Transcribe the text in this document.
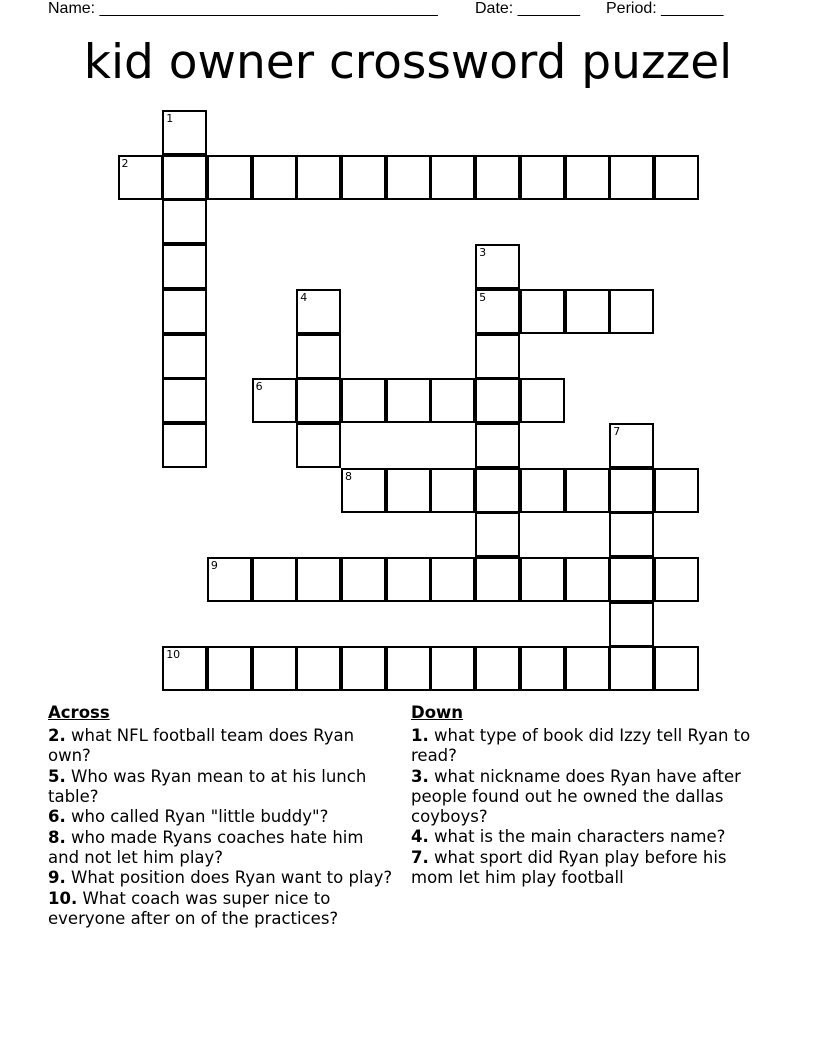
Name: ______________________________________ Date: _______ Period: _______
kid owner crossword puzzel
1
2
3
5
4
6
7
8
9
10
Across
2. what NFL football team does Ryan own?
5. Who was Ryan mean to at his lunch table?
6. who called Ryan "little buddy"?
8. who made Ryans coaches hate him and not let him play?
9. What position does Ryan want to play?
10. What coach was super nice to everyone after on of the practices?
Down
1. what type of book did Izzy tell Ryan to read?
3. what nickname does Ryan have after people found out he owned the dallas coyboys?
4. what is the main characters name?
7. what sport did Ryan play before his mom let him play football
